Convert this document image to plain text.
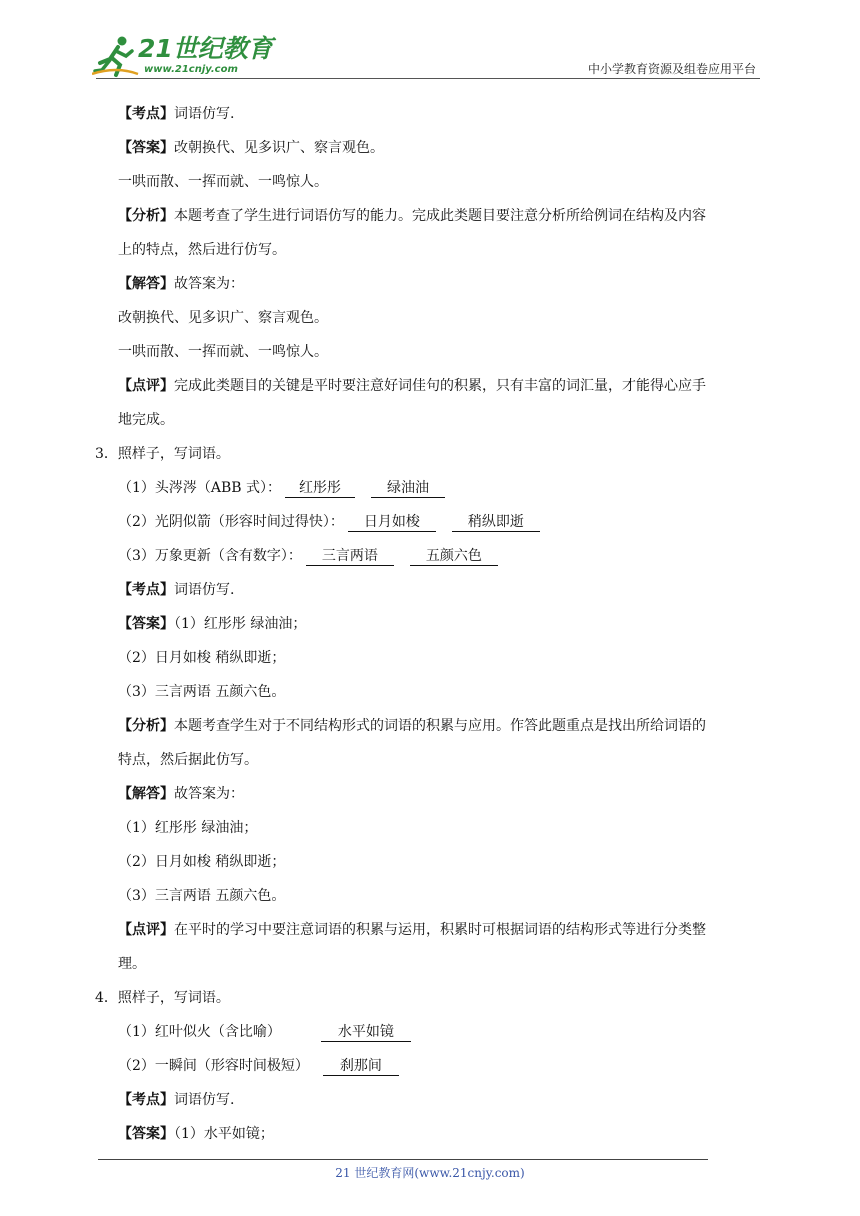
21世纪教育
www.21cnjy.com	中小学教育资源及组卷应用平台
【考点】词语仿写.
【答案】改朝换代、见多识广、察言观色。
一哄而散、一挥而就、一鸣惊人。
【分析】本题考查了学生进行词语仿写的能力。完成此类题目要注意分析所给例词在结构及内容
上的特点，然后进行仿写。
【解答】故答案为：
改朝换代、见多识广、察言观色。
一哄而散、一挥而就、一鸣惊人。
【点评】完成此类题目的关键是平时要注意好词佳句的积累，只有丰富的词汇量，才能得心应手
地完成。
3．照样子，写词语。
（1）头涔涔（ABB 式）： 红彤彤	绿油油
（2）光阴似箭（形容时间过得快）： 日月如梭	稍纵即逝
（3）万象更新（含有数字）： 三言两语	五颜六色
【考点】词语仿写.
【答案】（1）红彤彤 绿油油；
（2）日月如梭 稍纵即逝；
（3）三言两语 五颜六色。
【分析】本题考查学生对于不同结构形式的词语的积累与应用。作答此题重点是找出所给词语的
特点，然后据此仿写。
【解答】故答案为：
（1）红彤彤 绿油油；
（2）日月如梭 稍纵即逝；
（3）三言两语 五颜六色。
【点评】在平时的学习中要注意词语的积累与运用，积累时可根据词语的结构形式等进行分类整
理。
4．照样子，写词语。
（1）红叶似火（含比喻）	水平如镜
（2）一瞬间（形容时间极短） 刹那间
【考点】词语仿写.
【答案】（1）水平如镜；
21 世纪教育网(www.21cnjy.com)
